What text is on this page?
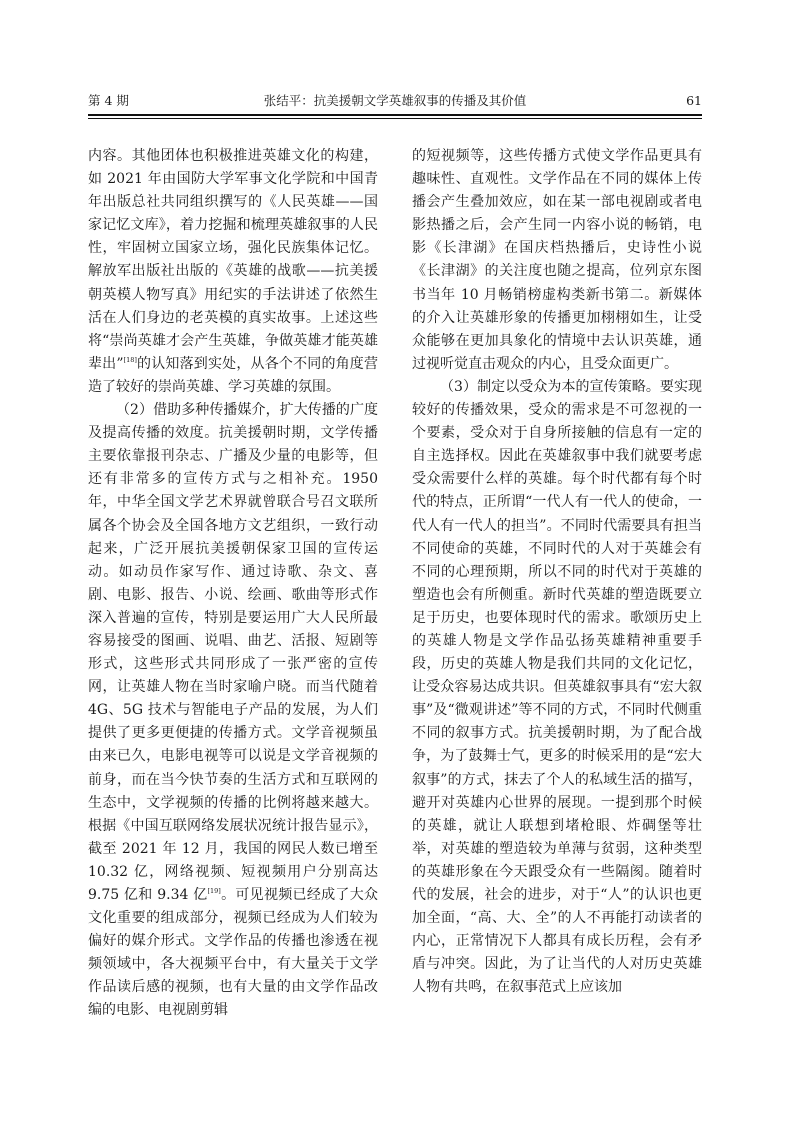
第 4 期	张结平：抗美援朝文学英雄叙事的传播及其价值	61

内容。其他团体也积极推进英雄文化的构建，如 2021 年由国防大学军事文化学院和中国青年出版总社共同组织撰写的《人民英雄——国家记忆文库》，着力挖掘和梳理英雄叙事的人民性，牢固树立国家立场，强化民族集体记忆。解放军出版社出版的《英雄的战歌——抗美援朝英模人物写真》用纪实的手法讲述了依然生活在人们身边的老英模的真实故事。上述这些将“崇尚英雄才会产生英雄，争做英雄才能英雄辈出”[18]的认知落到实处，从各个不同的角度营造了较好的崇尚英雄、学习英雄的氛围。

（2）借助多种传播媒介，扩大传播的广度及提高传播的效度。抗美援朝时期，文学传播主要依靠报刊杂志、广播及少量的电影等，但还有非常多的宣传方式与之相补充。1950 年，中华全国文学艺术界就曾联合号召文联所属各个协会及全国各地方文艺组织，一致行动起来，广泛开展抗美援朝保家卫国的宣传运动。如动员作家写作、通过诗歌、杂文、喜剧、电影、报告、小说、绘画、歌曲等形式作深入普遍的宣传，特别是要运用广大人民所最容易接受的图画、说唱、曲艺、活报、短剧等形式，这些形式共同形成了一张严密的宣传网，让英雄人物在当时家喻户晓。而当代随着 4G、5G 技术与智能电子产品的发展，为人们提供了更多更便捷的传播方式。文学音视频虽由来已久，电影电视等可以说是文学音视频的前身，而在当今快节奏的生活方式和互联网的生态中，文学视频的传播的比例将越来越大。根据《中国互联网络发展状况统计报告显示》，截至 2021 年 12 月，我国的网民人数已增至 10.32 亿，网络视频、短视频用户分别高达 9.75 亿和 9.34 亿[19]。可见视频已经成了大众文化重要的组成部分，视频已经成为人们较为偏好的媒介形式。文学作品的传播也渗透在视频领域中，各大视频平台中，有大量关于文学作品读后感的视频，也有大量的由文学作品改编的电影、电视剧剪辑

的短视频等，这些传播方式使文学作品更具有趣味性、直观性。文学作品在不同的媒体上传播会产生叠加效应，如在某一部电视剧或者电影热播之后，会产生同一内容小说的畅销，电影《长津湖》在国庆档热播后，史诗性小说《长津湖》的关注度也随之提高，位列京东图书当年 10 月畅销榜虚构类新书第二。新媒体的介入让英雄形象的传播更加栩栩如生，让受众能够在更加具象化的情境中去认识英雄，通过视听觉直击观众的内心，且受众面更广。

（3）制定以受众为本的宣传策略。要实现较好的传播效果，受众的需求是不可忽视的一个要素，受众对于自身所接触的信息有一定的自主选择权。因此在英雄叙事中我们就要考虑受众需要什么样的英雄。每个时代都有每个时代的特点，正所谓“一代人有一代人的使命，一代人有一代人的担当”。不同时代需要具有担当不同使命的英雄，不同时代的人对于英雄会有不同的心理预期，所以不同的时代对于英雄的塑造也会有所侧重。新时代英雄的塑造既要立足于历史，也要体现时代的需求。歌颂历史上的英雄人物是文学作品弘扬英雄精神重要手段，历史的英雄人物是我们共同的文化记忆，让受众容易达成共识。但英雄叙事具有“宏大叙事”及“微观讲述”等不同的方式，不同时代侧重不同的叙事方式。抗美援朝时期，为了配合战争，为了鼓舞士气，更多的时候采用的是“宏大叙事”的方式，抹去了个人的私域生活的描写，避开对英雄内心世界的展现。一提到那个时候的英雄，就让人联想到堵枪眼、炸碉堡等壮举，对英雄的塑造较为单薄与贫弱，这种类型的英雄形象在今天跟受众有一些隔阂。随着时代的发展，社会的进步，对于“人”的认识也更加全面，“高、大、全”的人不再能打动读者的内心，正常情况下人都具有成长历程，会有矛盾与冲突。因此，为了让当代的人对历史英雄人物有共鸣，在叙事范式上应该加
